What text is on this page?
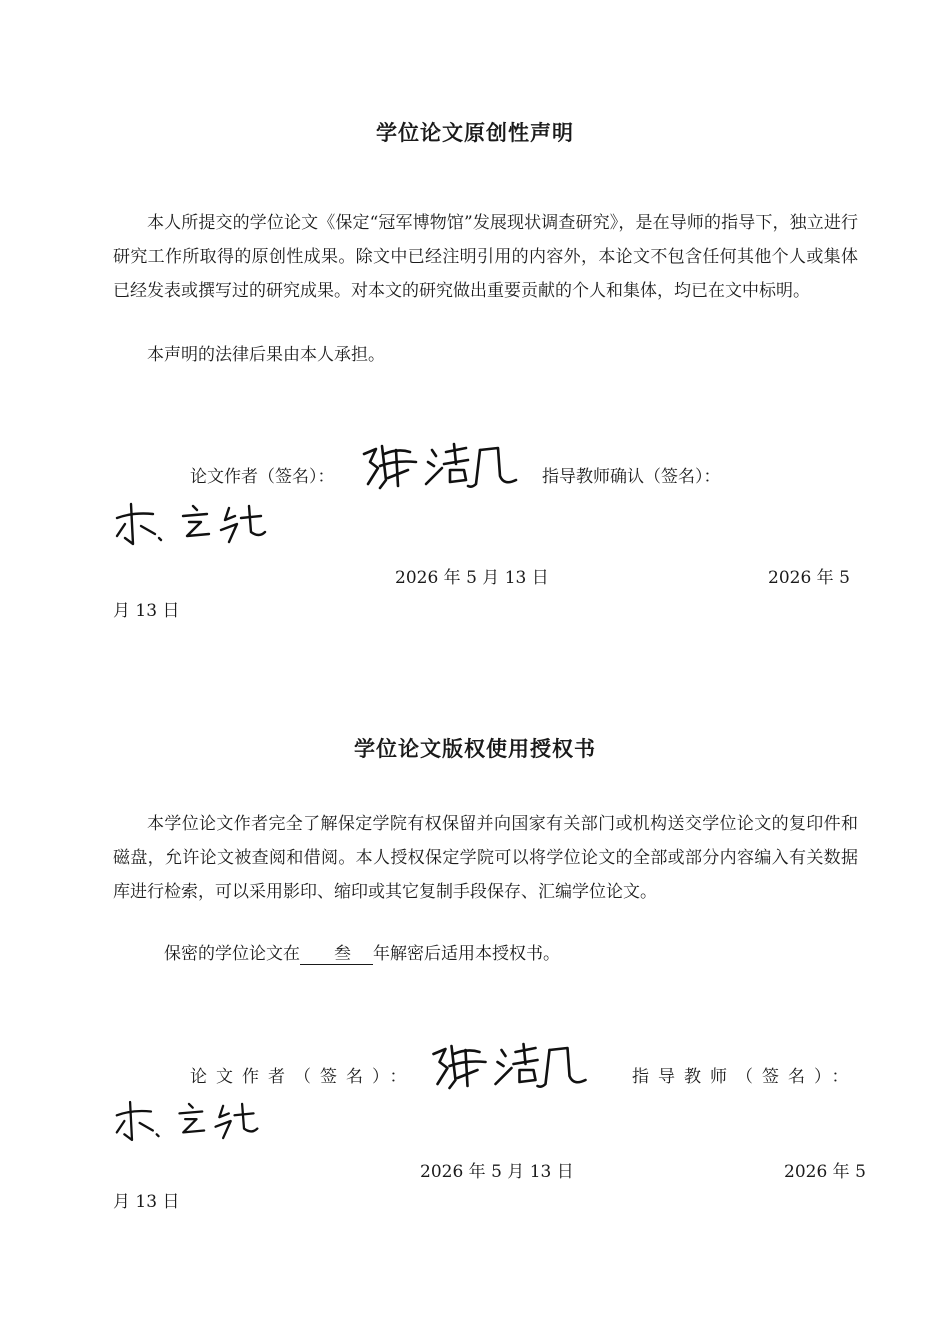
学位论文原创性声明

本人所提交的学位论文《保定“冠军博物馆”发展现状调查研究》，是在导师的指导下，独立进行研究工作所取得的原创性成果。除文中已经注明引用的内容外，本论文不包含任何其他个人或集体已经发表或撰写过的研究成果。对本文的研究做出重要贡献的个人和集体，均已在文中标明。

本声明的法律后果由本人承担。

论文作者（签名）：	指导教师确认（签名）：
2026 年 5 月 13 日	2026 年 5
月 13 日
学位论文版权使用授权书

本学位论文作者完全了解保定学院有权保留并向国家有关部门或机构送交学位论文的复印件和磁盘，允许论文被查阅和借阅。本人授权保定学院可以将学位论文的全部或部分内容编入有关数据库进行检索，可以采用影印、缩印或其它复制手段保存、汇编学位论文。

保密的学位论文在 叁 年解密后适用本授权书。
论文作者（签名）：	指导教师（签名）：
2026 年 5 月 13 日	2026 年 5
月 13 日
